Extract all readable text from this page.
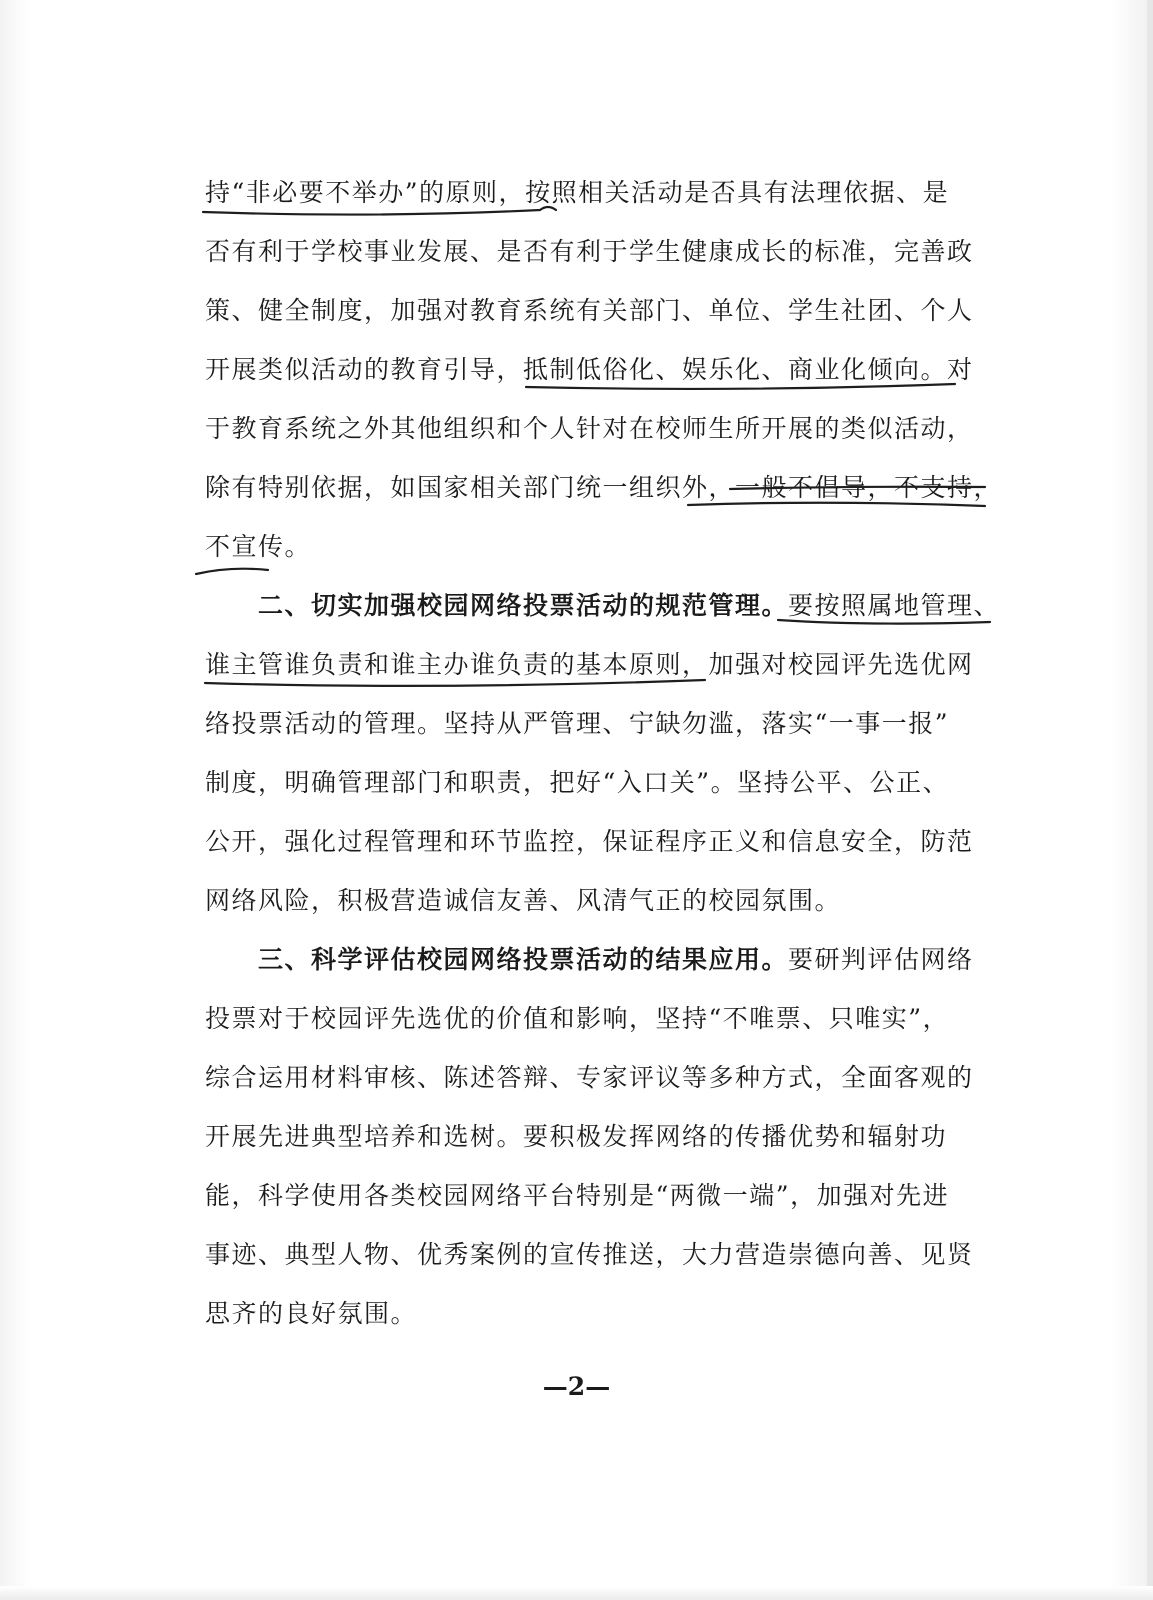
持“非必要不举办”的原则，按照相关活动是否具有法理依据、是
否有利于学校事业发展、是否有利于学生健康成长的标准，完善政
策、健全制度，加强对教育系统有关部门、单位、学生社团、个人
开展类似活动的教育引导，抵制低俗化、娱乐化、商业化倾向。对
于教育系统之外其他组织和个人针对在校师生所开展的类似活动，
除有特别依据，如国家相关部门统一组织外，一般不倡导，不支持，
不宣传。
二、切实加强校园网络投票活动的规范管理。要按照属地管理、
谁主管谁负责和谁主办谁负责的基本原则，加强对校园评先选优网
络投票活动的管理。坚持从严管理、宁缺勿滥，落实“一事一报”
制度，明确管理部门和职责，把好“入口关”。坚持公平、公正、
公开，强化过程管理和环节监控，保证程序正义和信息安全，防范
网络风险，积极营造诚信友善、风清气正的校园氛围。
三、科学评估校园网络投票活动的结果应用。要研判评估网络
投票对于校园评先选优的价值和影响，坚持“不唯票、只唯实”，
综合运用材料审核、陈述答辩、专家评议等多种方式，全面客观的
开展先进典型培养和选树。要积极发挥网络的传播优势和辐射功
能，科学使用各类校园网络平台特别是“两微一端”，加强对先进
事迹、典型人物、优秀案例的宣传推送，大力营造崇德向善、见贤
思齐的良好氛围。
—2—
